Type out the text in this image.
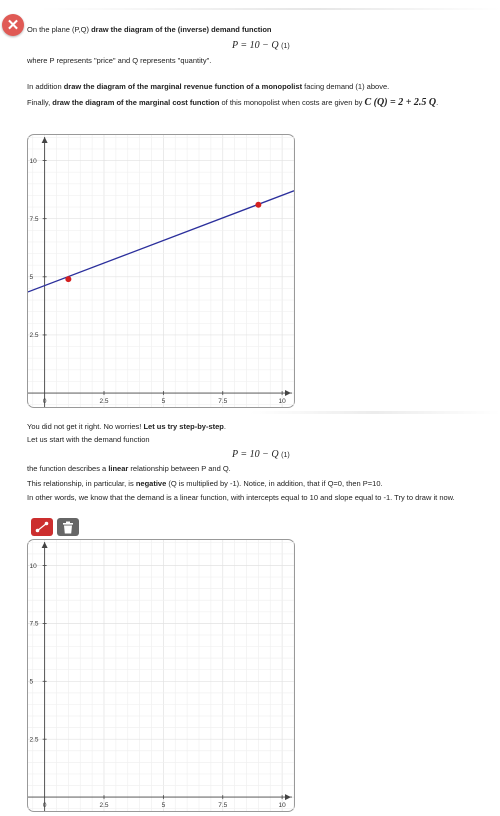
✕	On the plane (P,Q) draw the diagram of the (inverse) demand function
P = 10 − Q (1)
where P represents "price" and Q represents "quantity".
In addition draw the diagram of the marginal revenue function of a monopolist facing demand (1) above.
Finally, draw the diagram of the marginal cost function of this monopolist when costs are given by C (Q) = 2 + 2.5 Q.
0	2.5	5	7.5	10
2.5
5
7.5
10
You did not get it right. No worries! Let us try step-by-step.
Let us start with the demand function
P = 10 − Q (1)
the function describes a linear relationship between P and Q.
This relationship, in particular, is negative (Q is multiplied by -1). Notice, in addition, that if Q=0, then P=10.
In other words, we know that the demand is a linear function, with intercepts equal to 10 and slope equal to -1. Try to draw it now.
0	2.5	5	7.5	10
2.5
5
7.5
10
